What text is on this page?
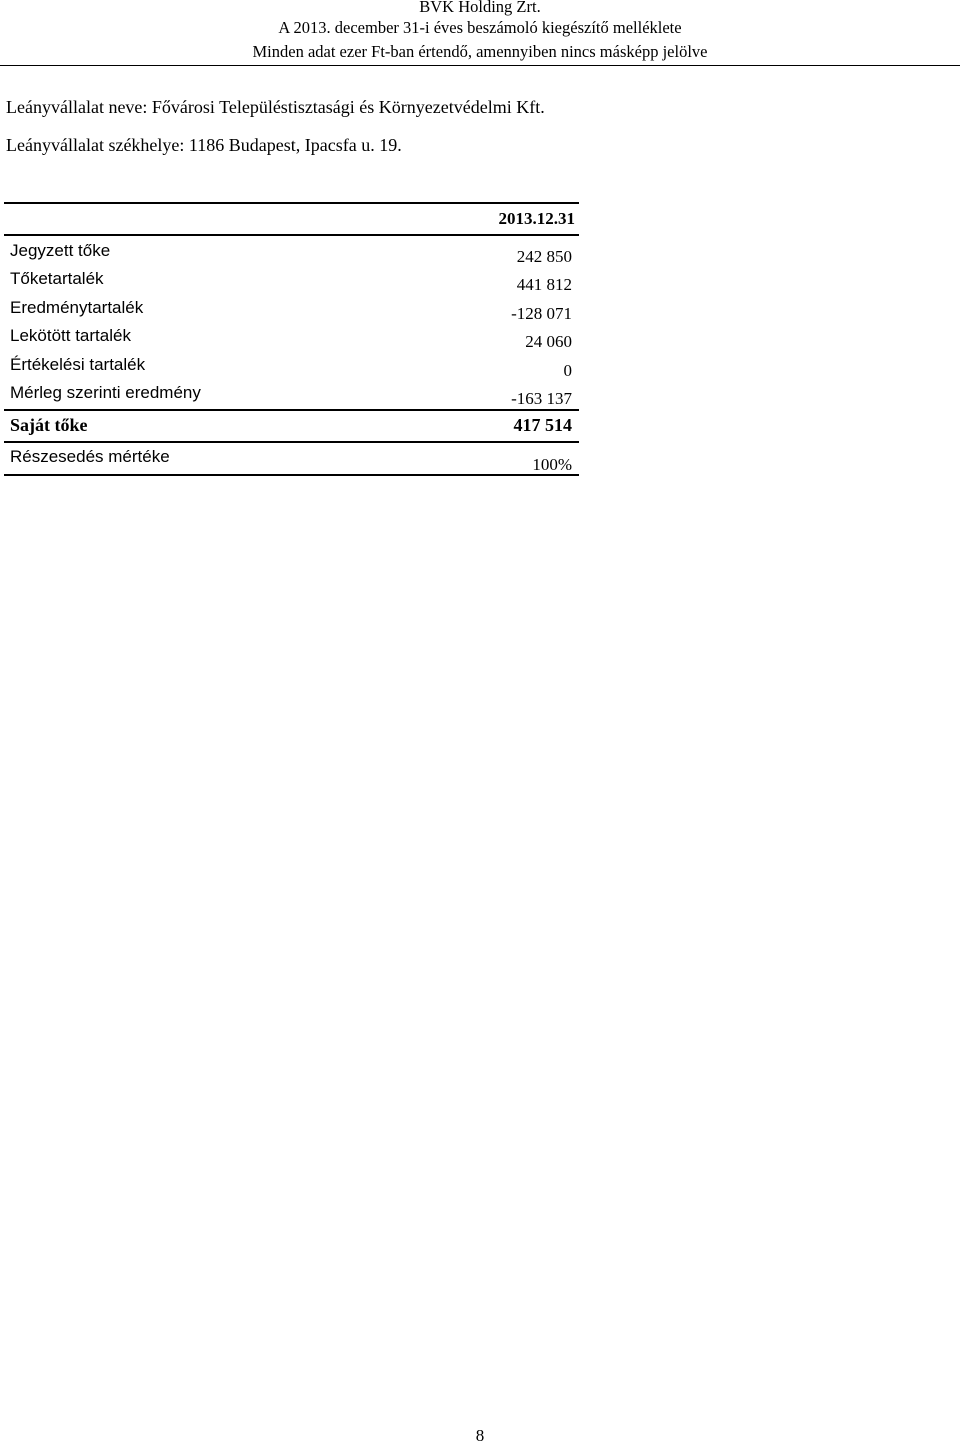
BVK Holding Zrt.
A 2013. december 31-i éves beszámoló kiegészítő melléklete
Minden adat ezer Ft-ban értendő, amennyiben nincs másképp jelölve
Leányvállalat neve: Fővárosi Településtisztasági és Környezetvédelmi Kft.
Leányvállalat székhelye: 1186 Budapest, Ipacsfa u. 19.
2013.12.31
Jegyzett tőke	242 850
Tőketartalék	441 812
Eredménytartalék	-128 071
Lekötött tartalék	24 060
Értékelési tartalék	0
Mérleg szerinti eredmény	-163 137
Saját tőke	417 514
Részesedés mértéke	100%
8
